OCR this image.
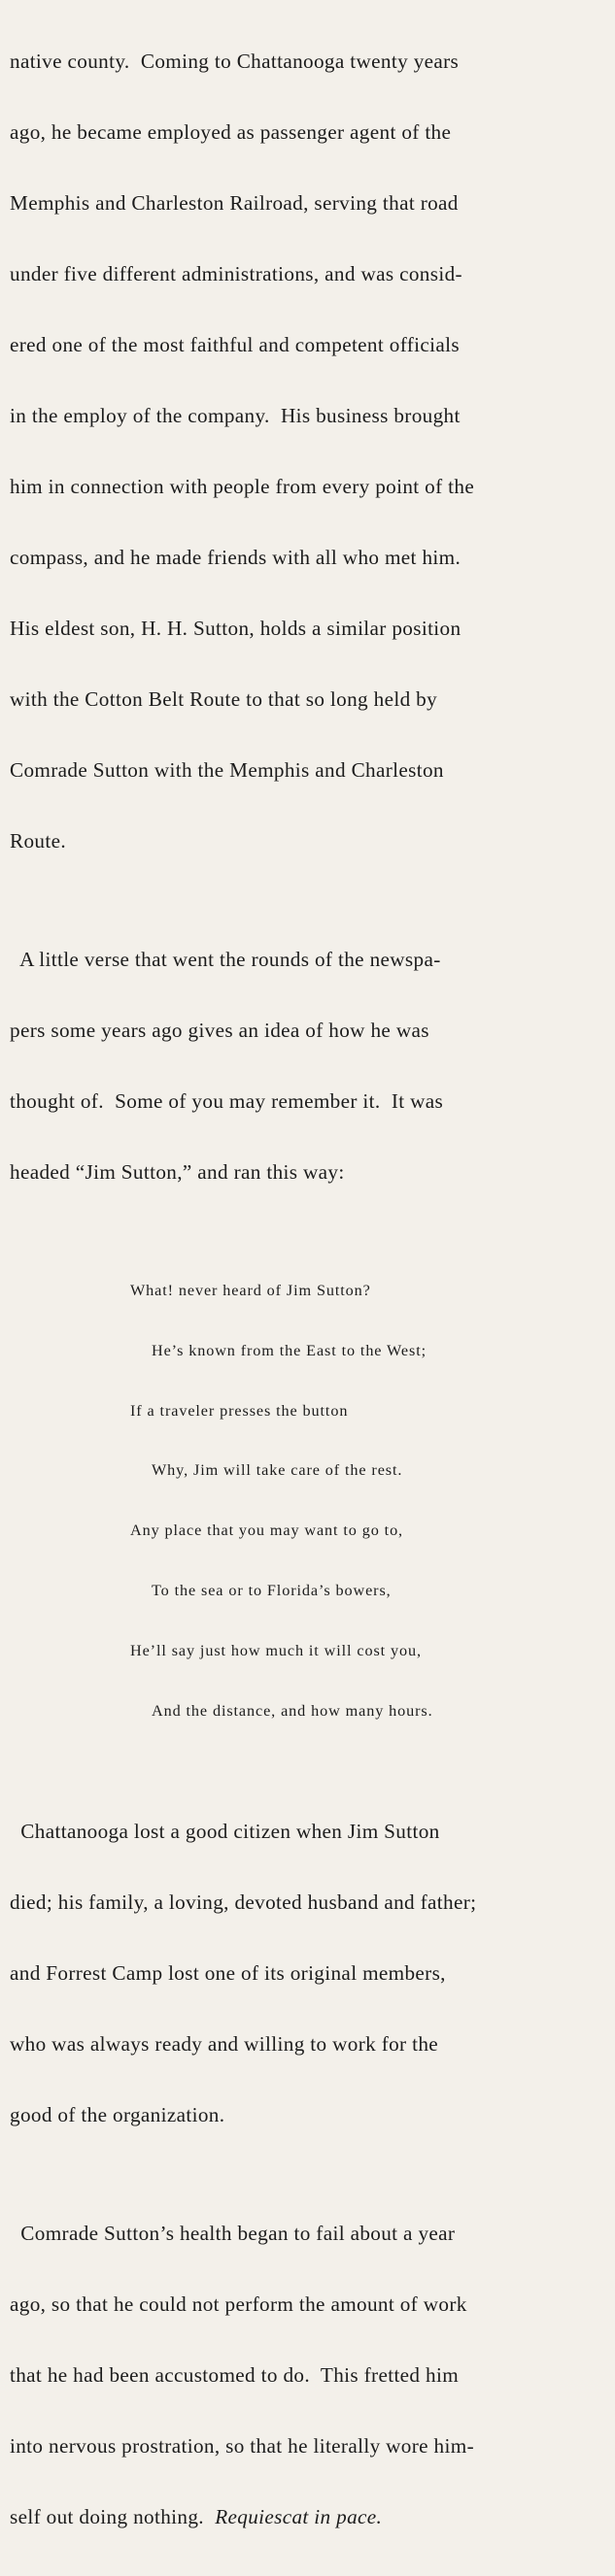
native county.  Coming to Chattanooga twenty years

ago, he became employed as passenger agent of the

Memphis and Charleston Railroad, serving that road

under five different administrations, and was consid-

ered one of the most faithful and competent officials

in the employ of the company.  His business brought

him in connection with people from every point of the

compass, and he made friends with all who met him.

His eldest son, H. H. Sutton, holds a similar position

with the Cotton Belt Route to that so long held by

Comrade Sutton with the Memphis and Charleston

Route.

A little verse that went the rounds of the newspa-

pers some years ago gives an idea of how he was

thought of.  Some of you may remember it.  It was

headed “Jim Sutton,” and ran this way:

What! never heard of Jim Sutton?

He’s known from the East to the West;

If a traveler presses the button

Why, Jim will take care of the rest.

Any place that you may want to go to,

To the sea or to Florida’s bowers,

He’ll say just how much it will cost you,

And the distance, and how many hours.

Chattanooga lost a good citizen when Jim Sutton

died; his family, a loving, devoted husband and father;

and Forrest Camp lost one of its original members,

who was always ready and willing to work for the

good of the organization.

Comrade Sutton’s health began to fail about a year

ago, so that he could not perform the amount of work

that he had been accustomed to do.  This fretted him

into nervous prostration, so that he literally wore him-

self out doing nothing.  Requiescat in pace.
